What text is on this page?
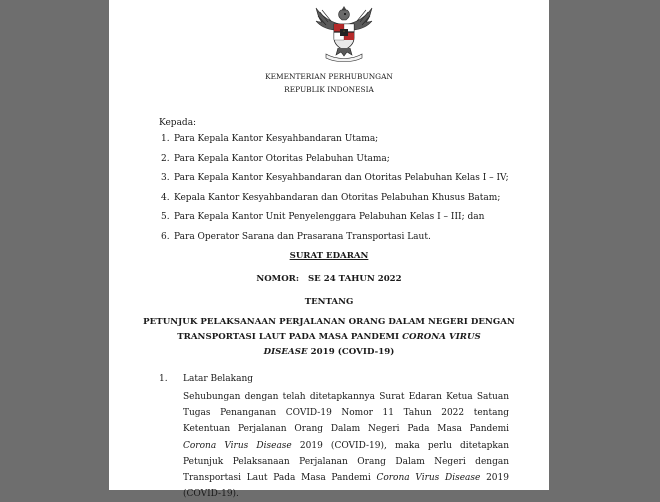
KEMENTERIAN PERHUBUNGAN
REPUBLIK INDONESIA
Kepada:
1. Para Kepala Kantor Kesyahbandaran Utama;
2. Para Kepala Kantor Otoritas Pelabuhan Utama;
3. Para Kepala Kantor Kesyahbandaran dan Otoritas Pelabuhan Kelas I – IV;
4. Kepala Kantor Kesyahbandaran dan Otoritas Pelabuhan Khusus Batam;
5. Para Kepala Kantor Unit Penyelenggara Pelabuhan Kelas I – III; dan
6. Para Operator Sarana dan Prasarana Transportasi Laut.
SURAT EDARAN
NOMOR:   SE 24 TAHUN 2022
TENTANG
PETUNJUK PELAKSANAAN PERJALANAN ORANG DALAM NEGERI DENGAN
TRANSPORTASI LAUT PADA MASA PANDEMI CORONA VIRUS
DISEASE 2019 (COVID-19)
1. Latar Belakang
Sehubungan dengan telah ditetapkannya Surat Edaran Ketua Satuan Tugas Penanganan COVID-19 Nomor 11 Tahun 2022 tentang Ketentuan Perjalanan Orang Dalam Negeri Pada Masa Pandemi Corona Virus Disease 2019 (COVID-19), maka perlu ditetapkan Petunjuk Pelaksanaan Perjalanan Orang Dalam Negeri dengan Transportasi Laut Pada Masa Pandemi Corona Virus Disease 2019 (COVID-19).
